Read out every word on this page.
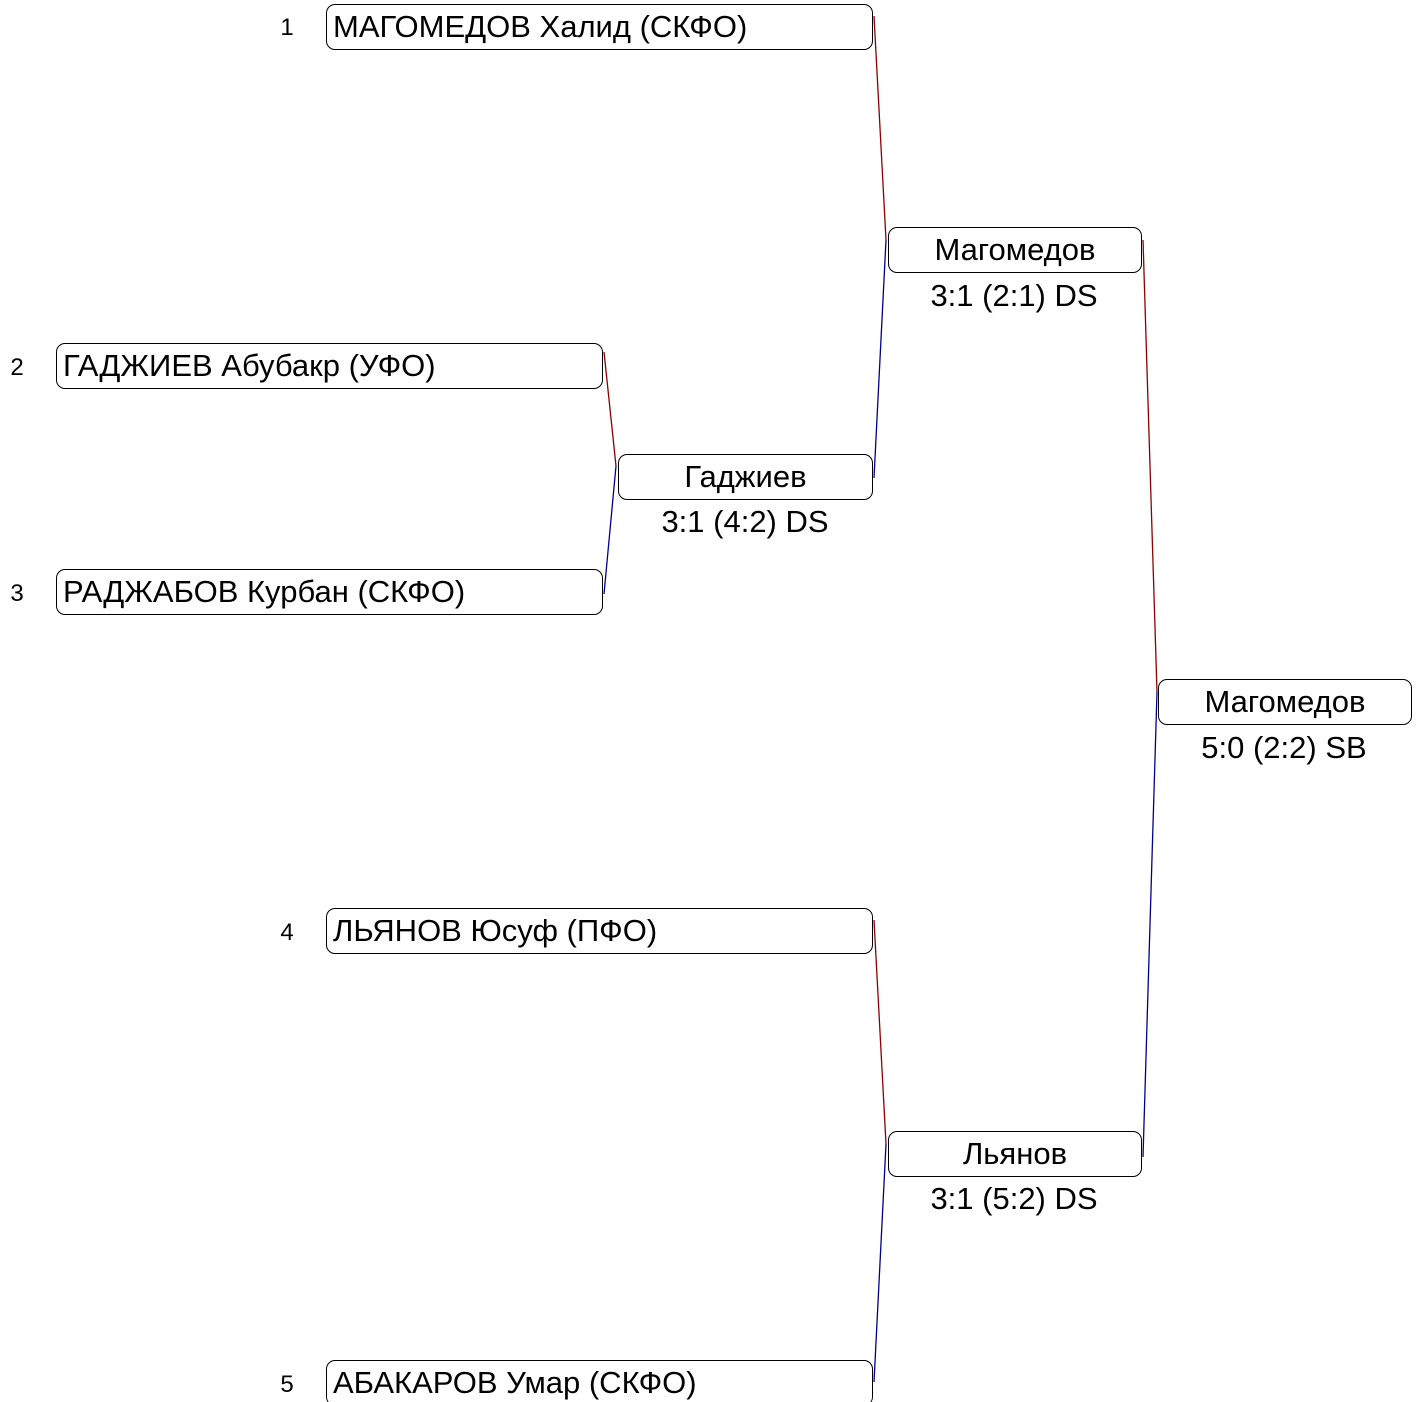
1	МАГОМЕДОВ Халид (СКФО)
2	ГАДЖИЕВ Абубакр (УФО)
3	РАДЖАБОВ Курбан (СКФО)
4	ЛЬЯНОВ Юсуф (ПФО)
5	АБАКАРОВ Умар (СКФО)
Гаджиев
3:1 (4:2) DS
Магомедов
3:1 (2:1) DS
Льянов
3:1 (5:2) DS
Магомедов
5:0 (2:2) SB
